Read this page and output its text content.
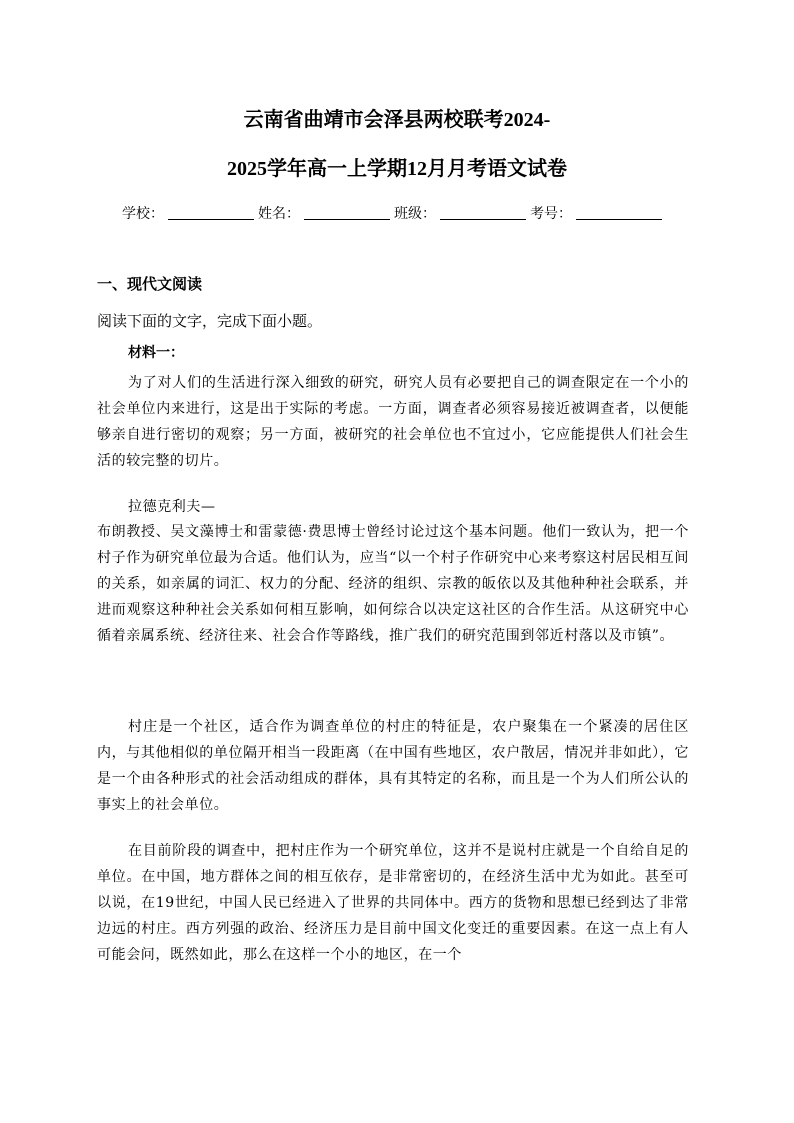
云南省曲靖市会泽县两校联考2024-
2025学年高一上学期12月月考语文试卷
学校：	姓名：	班级：	考号：
一、现代文阅读
阅读下面的文字，完成下面小题。
材料一：
为了对人们的生活进行深入细致的研究，研究人员有必要把自己的调查限定在一个小的社会单位内来进行，这是出于实际的考虑。一方面，调查者必须容易接近被调查者，以便能够亲自进行密切的观察；另一方面，被研究的社会单位也不宜过小，它应能提供人们社会生活的较完整的切片。
拉德克利夫—
布朗教授、吴文藻博士和雷蒙德·费思博士曾经讨论过这个基本问题。他们一致认为，把一个村子作为研究单位最为合适。他们认为，应当“以一个村子作研究中心来考察这村居民相互间的关系，如亲属的词汇、权力的分配、经济的组织、宗教的皈依以及其他种种社会联系，并进而观察这种种社会关系如何相互影响，如何综合以决定这社区的合作生活。从这研究中心循着亲属系统、经济往来、社会合作等路线，推广我们的研究范围到邻近村落以及市镇”。
村庄是一个社区，适合作为调查单位的村庄的特征是，农户聚集在一个紧凑的居住区内，与其他相似的单位隔开相当一段距离（在中国有些地区，农户散居，情况并非如此），它是一个由各种形式的社会活动组成的群体，具有其特定的名称，而且是一个为人们所公认的事实上的社会单位。
在目前阶段的调查中，把村庄作为一个研究单位，这并不是说村庄就是一个自给自足的单位。在中国，地方群体之间的相互依存，是非常密切的，在经济生活中尤为如此。甚至可以说，在19世纪，中国人民已经进入了世界的共同体中。西方的货物和思想已经到达了非常边远的村庄。西方列强的政治、经济压力是目前中国文化变迁的重要因素。在这一点上有人可能会问，既然如此，那么在这样一个小的地区，在一个
